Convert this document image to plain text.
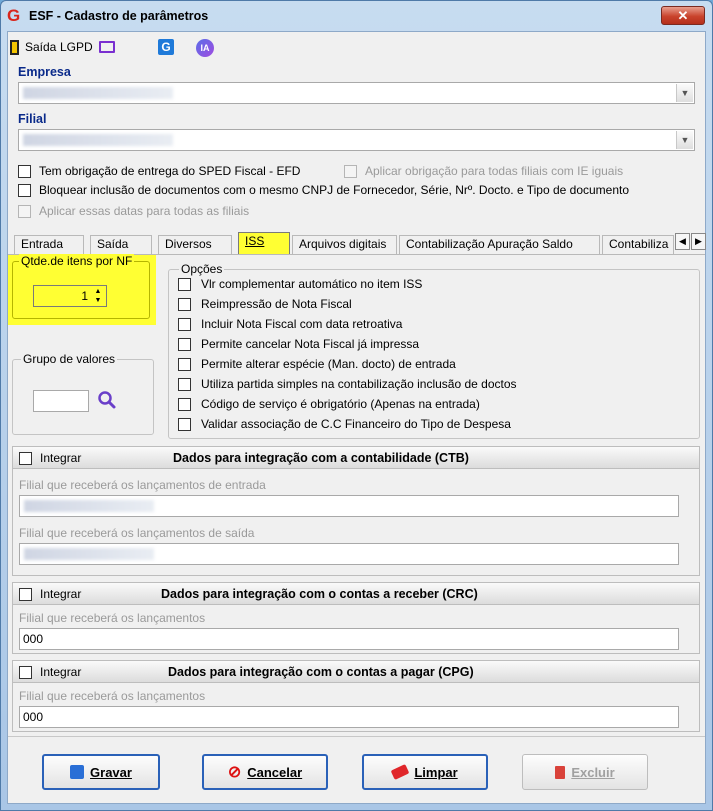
G ESF - Cadastro de parâmetros	✕
Saída LGPD	G	IA
Empresa
▼
Filial
▼
Tem obrigação de entrega do SPED Fiscal - EFD	Aplicar obrigação para todas filiais com IE iguais
Bloquear inclusão de documentos com o mesmo CNPJ de Fornecedor, Série, Nrº. Docto. e Tipo de documento
Aplicar essas datas para todas as filiais
Entrada	Saída	Diversos	ISS	Arquivos digitais	Contabilização Apuração Saldo	Contabiliza	◀	▶
Qtde.de itens por NF
1 ▲
▼
Grupo de valores
Opções
Vlr complementar automático no item ISS
Reimpressão de Nota Fiscal
Incluir Nota Fiscal com data retroativa
Permite cancelar Nota Fiscal já impressa
Permite alterar espécie (Man. docto) de entrada
Utiliza partida simples na contabilização inclusão de doctos
Código de serviço é obrigatório (Apenas na entrada)
Validar associação de C.C Financeiro do Tipo de Despesa
Integrar	Dados para integração com a contabilidade (CTB)
Filial que receberá os lançamentos de entrada
Filial que receberá os lançamentos de saída
Integrar	Dados para integração com o contas a receber (CRC)
Filial que receberá os lançamentos
000
Integrar	Dados para integração com o contas a pagar (CPG)
Filial que receberá os lançamentos
000
Gravar	⊘ Cancelar	Limpar	Excluir
